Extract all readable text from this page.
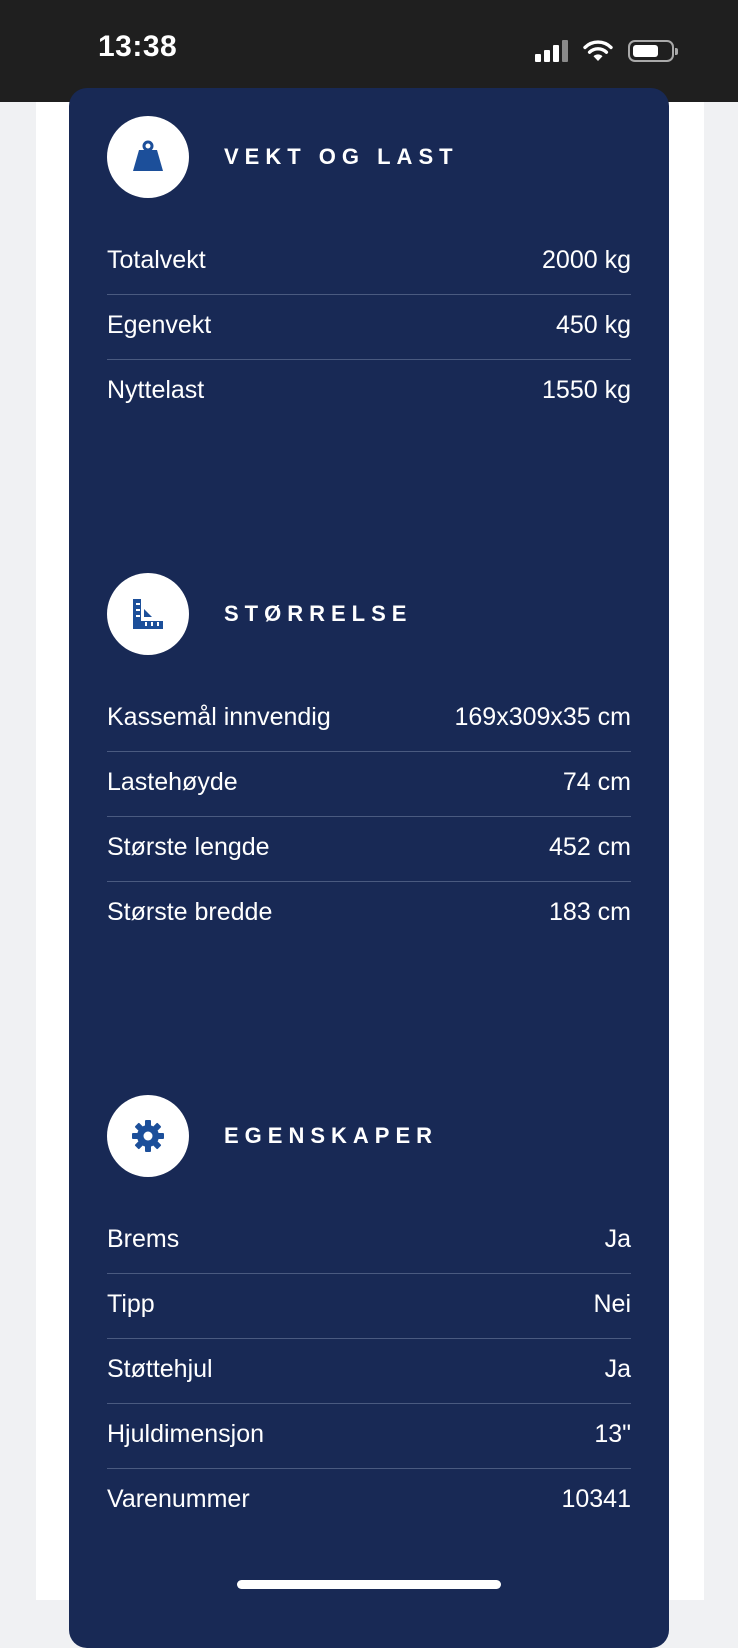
13:38
VEKT OG LAST
Totalvekt	2000 kg
Egenvekt	450 kg
Nyttelast	1550 kg
STØRRELSE
Kassemål innvendig	169x309x35 cm
Lastehøyde	74 cm
Største lengde	452 cm
Største bredde	183 cm
EGENSKAPER
Brems	Ja
Tipp	Nei
Støttehjul	Ja
Hjuldimensjon	13"
Varenummer	10341
